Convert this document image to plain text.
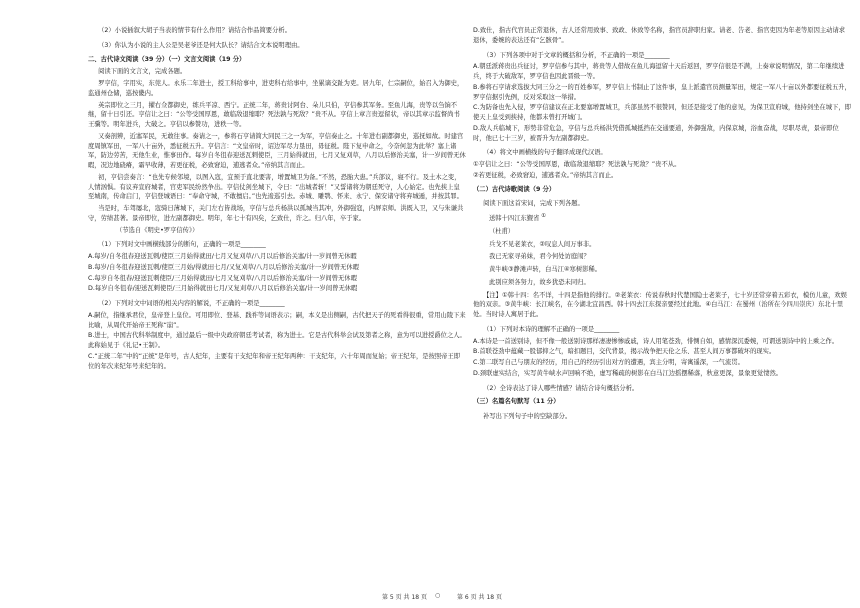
（2）小说插叙大胡子当表的情节有什么作用？请结合作品简要分析。

（3）你认为小说的主人公是吴老爷还是何大队长？请结合文本说明理由。

二、古代诗文阅读（39 分）（一）文言文阅读（19 分）

阅读下面的文言文，完成各题。

罗亨信，字用实，东莞人。永乐二年进士，授工科给事中，进吏科右给事中，坐累谪交趾为吏。居九年，仁宗嗣位，始召入为御史，监通州仓储，巡按畿内。

英宗即位之三月，擢右佥都御史，练兵平凉、西宁。正统二年，蒋贵讨阿台、朵儿只伯，亨信参其军务。至鱼儿海，贵等以刍饷不继，留十日引还。亨信让之曰：“公等受国厚恩，敢临敌退缩耶？死法孰与死敌？”贵不从。亨信上章言贵逗留状，帝以其章示监督尚书王骥等。明年进兵，大破之。亨信以参赞功，进秩一等。

又奏剖辨，近塞军民，无敢往事。奏请之一，参将石亨请简大同民三之一为军，亨信奏止之。十年进右副都御史，巡抚如故。时建宫度周镇军田，一军八十亩外，悉征税五升。亨信言：“文皇帝时，诏边军尽力垦田，毋征税。陛下复申命之，今奈何忽为此举？塞上诸军，防边劳苦，无他生业，惟事田作。每岁自冬徂春迎送瓦剌使臣，三月始得就田，七月又复刈草，八月以后修治关塞，计一岁间曾无休暇，况边地硗瘠，霜早收薄，若更征税，必致窘迫，逋逃者众。”帝纳其言而止。

初，亨信尝奏言：“也先专候邻境，以图入寇，宜预于直北要害，增置城卫为备。”不然，恐胎大患。”兵部议，寝不行。及土木之变，人情汹惧。有议弃宣府城者，官吏军民纷然争出。亨信仗剑坐城下，令曰：“出城者斩！”又誓诸将为朝廷死守，人心始定。也先挟上皇至城南，传命启门，亨信登城语曰：“奉命守城，不敢擅启。”也先逡巡引去。赤城、雕鹗、怀来、永宁、保安诸守将弃城遁，并按其罪。

当是时，车驾屡北，寇骑日薄城下，关门左右皆战场，亨信与总兵杨洪以孤城当其冲，外御强寇，内屏京师。洪既入卫，又与朱谦共守，劳绩甚著。景帝即位，进左副都御史。明年，年七十有四矣，乞致仕，许之。归八年，卒于家。

（节选自《明史•罗亨信传》）

（1）下列对文中画横线部分的断句，正确的一项是________

A.每岁/自冬徂春迎送瓦剌/使臣三月始得就田/七月又复刈草/八月以后修治关塞/计一岁间曾无休暇

B.每岁/自冬徂春迎送瓦剌/使臣三月始/得就田七月/又复刈草/八月以后修治关塞/计一岁间曾无休暇

C.每岁自冬徂春/迎送瓦剌使臣/三月始得就田/七月又复刈草/八月以后修治关塞/计一岁间曾无休暇

D.每岁自冬徂春/迎送瓦剌使臣/三月始得就田七月/又复刈草/八月以后修治关塞/计一岁间曾无休暇

（2）下列对文中词语的相关内容的解说，不正确的一项是________

A.嗣位，指继承君位，皇帝登上皇位。可用即位、登基、践祚等词语表示；嗣，本义是出侧嗣，古代把天子的死看得很重，常用山陵下来比喻，从周代开始帝王死称“崩”。

B.进士，中国古代科举制度中，通过最后一级中央政府朝廷考试者，称为进士。它是古代科举会试及第者之称，意为可以进授爵位之人。此称始见于《礼记•王制》。

C.“正统二年”中的“正统”是年号，古人纪年，主要有干支纪年和帝王纪年两种：干支纪年，六十年周而复始；帝王纪年，是按照帝王即位的年次来纪年号来纪年的。

D.致仕，指古代官员正常退休，古人还常用致事、致政、休致等名称，指官员辞职归家。请老、告老、指官吏因为年老等原因主动请求退休，委婉的表达还有“乞骸骨”。

（3）下列各项中对于文章的概括和分析，不正确的一项是________

A.朝廷派蒋贵出兵征讨，罗亨信参与其中，蒋贵等人借故在鱼儿海逗留十天后返回，罗亨信很是不满，上奏章说明情况，第二年继续进兵，终于大破敌军，罗亨信也因此晋级一等。

B.参将石亨请求选拔大同三分之一的百姓参军，罗亨信上书制止了这件事，皇上派遣官员测量军田，规定一军八十亩以外都要征税五升，罗亨信据引先例，反对采取这一举措。

C.为防备也先入侵，罗亨信建议在正北要塞增置城卫，兵部虽然不很赞同，但还是接受了他的意见，为保卫宣府城，他持剑坐在城下，即使天上皇受到挟持，他都未曾打开城门。

D.敌人兵临城下，形势非常危急，亨信与总兵杨洪凭借孤城抵挡在交通要道，外御强敌，内保京城，浴血奋战，尽职尽责，景帝即位时，他已七十三岁，被晋升为左副都御史。

（4）将文中画横线的句子翻译成现代汉语。

①亨信让之曰：“公等受国厚恩，敢临敌退缩耶？死法孰与死敌？”贵不从。

②若更征税，必致窘迫，逋逃者众。”帝纳其言而止。

（二）古代诗歌阅读（9 分）

阅读下面这首宋词，完成下列各题。

送韩十四江东觐省 ①

（杜甫）

兵戈不见老莱衣，②叹息人间万事非。

我已无家寻弟妹，君今何处访庭闱？

黄牛峡③静滩声转，白马江④寒树影稀。

此别应须各努力，故乡犹恐未同归。

【注】①韩十四：名不详，十四是指他的排行。②老莱衣：传说春秋时代楚国隐士老莱子，七十岁还常穿着五彩衣，模仿儿童，欢娱他的双亲。③黄牛峡：长江峡名，在今湖北宜昌西。韩十四去江东探亲要经过此地。④白马江：在蜀州（治所在今四川崇庆）东北十里处。当时诗人寓居于此。

（1）下列对本诗的理解不正确的一项是________

A.本诗是一首送别诗，但不像一般送别诗那样凄凄惨惨戚戚，诗人用笔苍劲，悱恻自如，感情深沉委婉，可谓送别诗中的上乘之作。

B.首联苍劲中蕴藏一股郁抑之气，暗扣题目，交代背景，揭示战争把天伦之乐、甚至人间万事都破坏的现实。

C.第二联写自己与朋友的经历，用自己的经历引出对方的遭遇，宾主分明，寄寓遥深，一气流贯。

D.颈联虚实结合，实写黄牛峡水声回响不绝，虚写稀疏的树影在白马江边摇摆稀落，秋意更深，景象更觉悽然。

（2）全诗表达了诗人哪些情感？请结合诗句概括分析。

（三）名篇名句默写（11 分）

补写出下列句子中的空缺部分。

第 5 页 共 18 页 ○	第 6 页 共 18 页
